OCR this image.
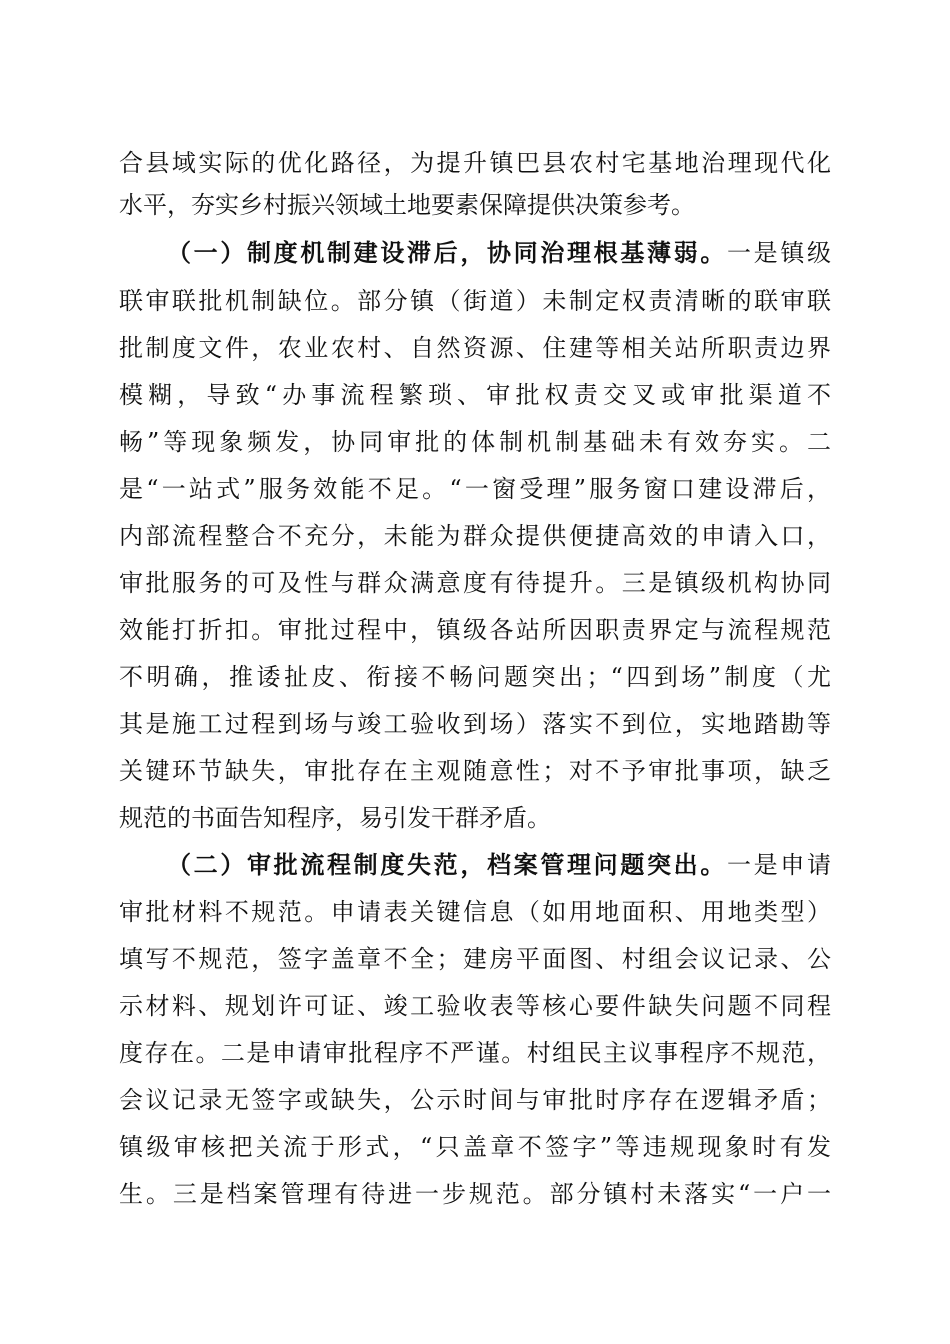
合县域实际的优化路径，为提升镇巴县农村宅基地治理现代化
水平，夯实乡村振兴领域土地要素保障提供决策参考。
（一）制度机制建设滞后，协同治理根基薄弱。一是镇级
联审联批机制缺位。部分镇（街道）未制定权责清晰的联审联
批制度文件，农业农村、自然资源、住建等相关站所职责边界
模糊，导致“办事流程繁琐、审批权责交叉或审批渠道不
畅”等现象频发，协同审批的体制机制基础未有效夯实。二
是“一站式”服务效能不足。“一窗受理”服务窗口建设滞后，
内部流程整合不充分，未能为群众提供便捷高效的申请入口，
审批服务的可及性与群众满意度有待提升。三是镇级机构协同
效能打折扣。审批过程中，镇级各站所因职责界定与流程规范
不明确，推诿扯皮、衔接不畅问题突出；“四到场”制度（尤
其是施工过程到场与竣工验收到场）落实不到位，实地踏勘等
关键环节缺失，审批存在主观随意性；对不予审批事项，缺乏
规范的书面告知程序，易引发干群矛盾。
（二）审批流程制度失范，档案管理问题突出。一是申请
审批材料不规范。申请表关键信息（如用地面积、用地类型）
填写不规范，签字盖章不全；建房平面图、村组会议记录、公
示材料、规划许可证、竣工验收表等核心要件缺失问题不同程
度存在。二是申请审批程序不严谨。村组民主议事程序不规范，
会议记录无签字或缺失，公示时间与审批时序存在逻辑矛盾；
镇级审核把关流于形式，“只盖章不签字”等违规现象时有发
生。三是档案管理有待进一步规范。部分镇村未落实“一户一
